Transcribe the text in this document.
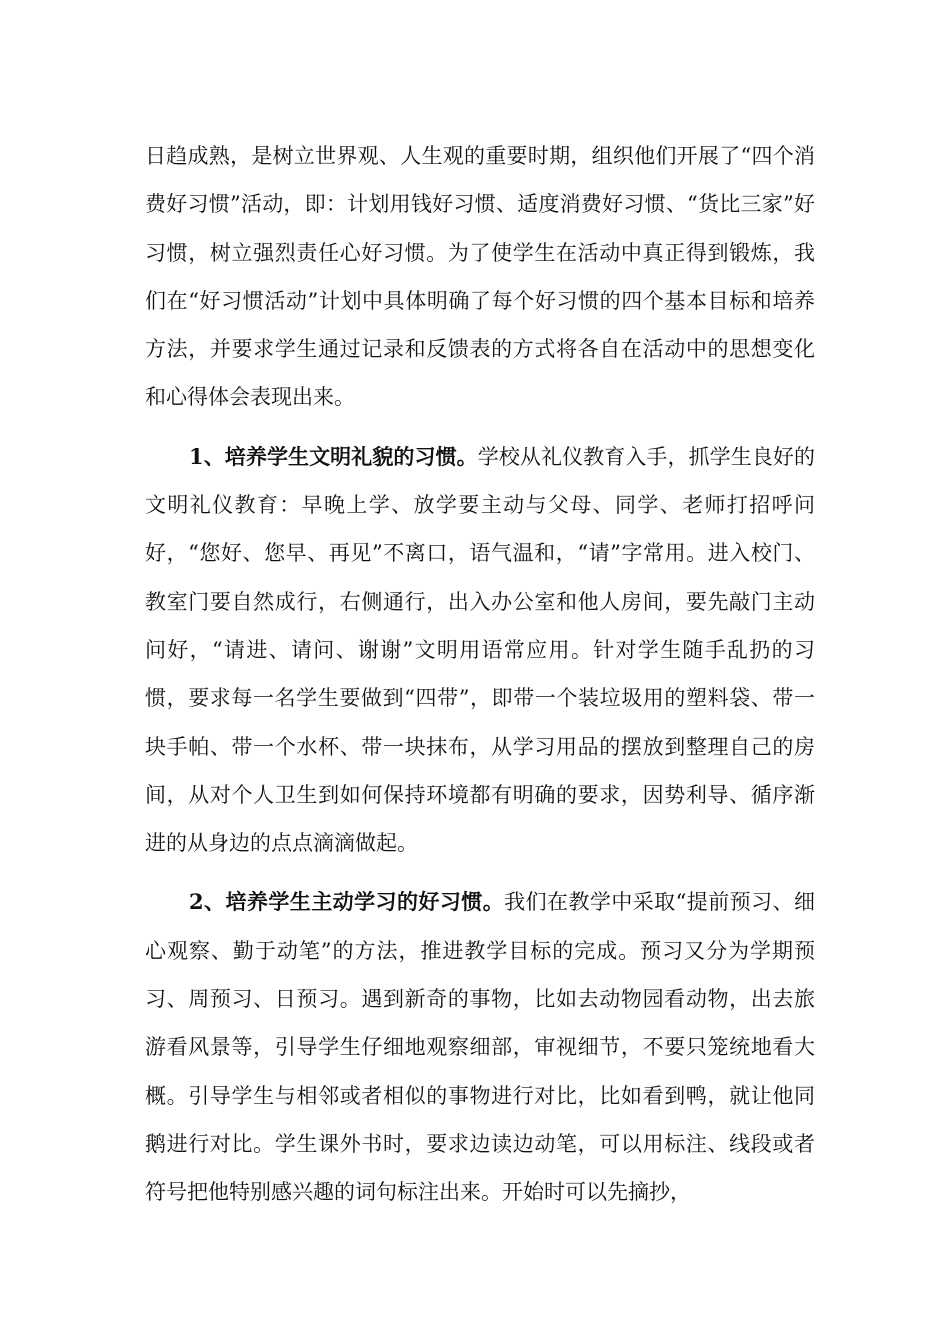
日趋成熟，是树立世界观、人生观的重要时期，组织他们开展了“四个消费好习惯”活动，即：计划用钱好习惯、适度消费好习惯、“货比三家”好习惯，树立强烈责任心好习惯。为了使学生在活动中真正得到锻炼，我们在“好习惯活动”计划中具体明确了每个好习惯的四个基本目标和培养方法，并要求学生通过记录和反馈表的方式将各自在活动中的思想变化和心得体会表现出来。

1、培养学生文明礼貌的习惯。学校从礼仪教育入手，抓学生良好的文明礼仪教育：早晚上学、放学要主动与父母、同学、老师打招呼问好，“您好、您早、再见”不离口，语气温和，“请”字常用。进入校门、教室门要自然成行，右侧通行，出入办公室和他人房间，要先敲门主动问好，“请进、请问、谢谢”文明用语常应用。针对学生随手乱扔的习惯，要求每一名学生要做到“四带”，即带一个装垃圾用的塑料袋、带一块手帕、带一个水杯、带一块抹布，从学习用品的摆放到整理自己的房间，从对个人卫生到如何保持环境都有明确的要求，因势利导、循序渐进的从身边的点点滴滴做起。

2、培养学生主动学习的好习惯。我们在教学中采取“提前预习、细心观察、勤于动笔”的方法，推进教学目标的完成。预习又分为学期预习、周预习、日预习。遇到新奇的事物，比如去动物园看动物，出去旅游看风景等，引导学生仔细地观察细部，审视细节，不要只笼统地看大概。引导学生与相邻或者相似的事物进行对比，比如看到鸭，就让他同鹅进行对比。学生课外书时，要求边读边动笔，可以用标注、线段或者符号把他特别感兴趣的词句标注出来。开始时可以先摘抄，
